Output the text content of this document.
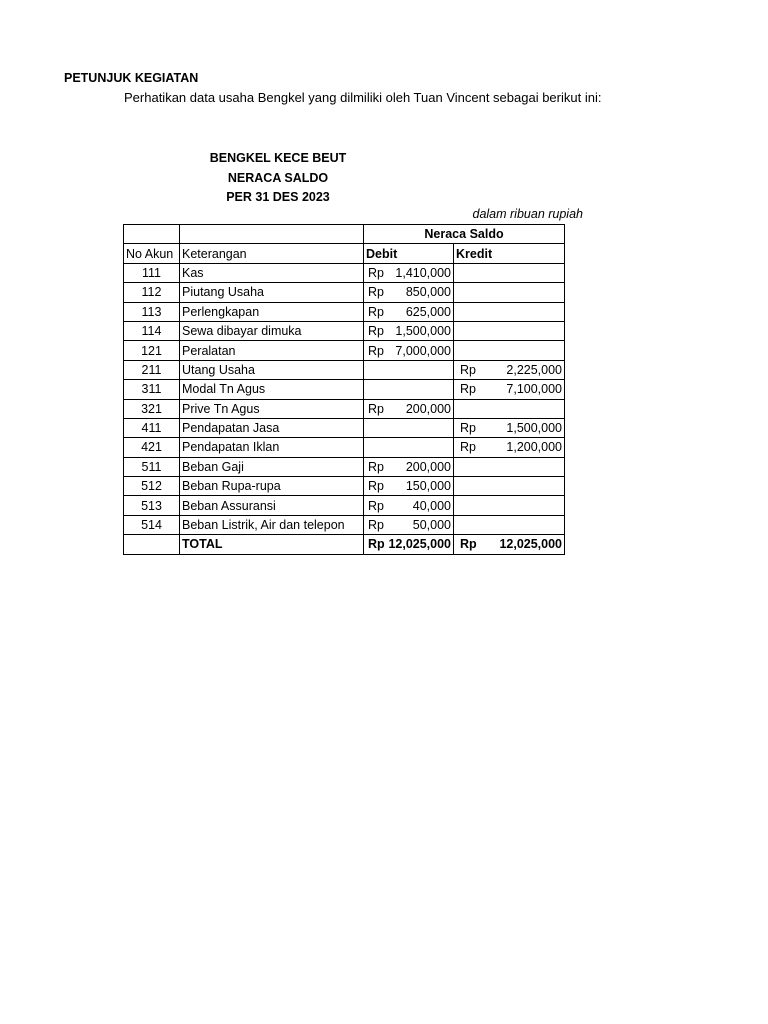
PETUNJUK KEGIATAN
Perhatikan data usaha Bengkel yang dilmiliki oleh Tuan Vincent sebagai berikut ini:
BENGKEL KECE BEUT
NERACA SALDO
PER 31 DES 2023
dalam ribuan rupiah
		Neraca Saldo	
No Akun	Keterangan	Debit	Kredit
111	Kas	Rp 1,410,000	

112	Piutang Usaha	Rp 850,000	

113	Perlengkapan	Rp 625,000	

114	Sewa dibayar dimuka	Rp 1,500,000	

121	Peralatan	Rp 7,000,000	

211	Utang Usaha		Rp 2,225,000

311	Modal Tn Agus		Rp 7,100,000

321	Prive Tn Agus	Rp 200,000	

411	Pendapatan Jasa		Rp 1,500,000

421	Pendapatan Iklan		Rp 1,200,000

511	Beban Gaji	Rp 200,000	

512	Beban Rupa-rupa	Rp 150,000	

513	Beban Assuransi	Rp 40,000	

514	Beban Listrik, Air dan telepon	Rp 50,000	

	TOTAL	Rp 12,025,000	Rp 12,025,000
